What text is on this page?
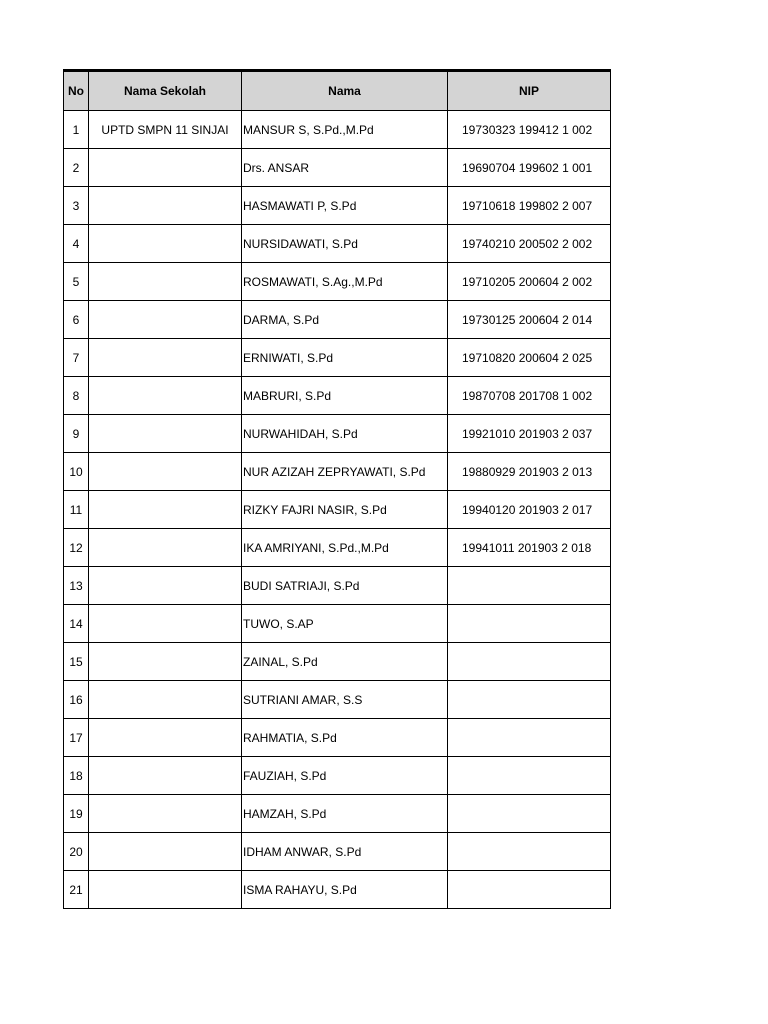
No	Nama Sekolah	Nama	NIP
1	UPTD SMPN 11 SINJAI	MANSUR S, S.Pd.,M.Pd	19730323 199412 1 002
2		Drs. ANSAR	19690704 199602 1 001
3		HASMAWATI P, S.Pd	19710618 199802 2 007
4		NURSIDAWATI, S.Pd	19740210 200502 2 002
5		ROSMAWATI, S.Ag.,M.Pd	19710205 200604 2 002
6		DARMA, S.Pd	19730125 200604 2 014
7		ERNIWATI, S.Pd	19710820 200604 2 025
8		MABRURI, S.Pd	19870708 201708 1 002
9		NURWAHIDAH, S.Pd	19921010 201903 2 037
10		NUR AZIZAH ZEPRYAWATI, S.Pd	19880929 201903 2 013
11		RIZKY FAJRI NASIR, S.Pd	19940120 201903 2 017
12		IKA AMRIYANI, S.Pd.,M.Pd	19941011 201903 2 018
13		BUDI SATRIAJI, S.Pd	
14		TUWO, S.AP	
15		ZAINAL, S.Pd	
16		SUTRIANI AMAR, S.S	
17		RAHMATIA, S.Pd	
18		FAUZIAH, S.Pd	
19		HAMZAH, S.Pd	
20		IDHAM ANWAR, S.Pd	
21		ISMA RAHAYU, S.Pd	
